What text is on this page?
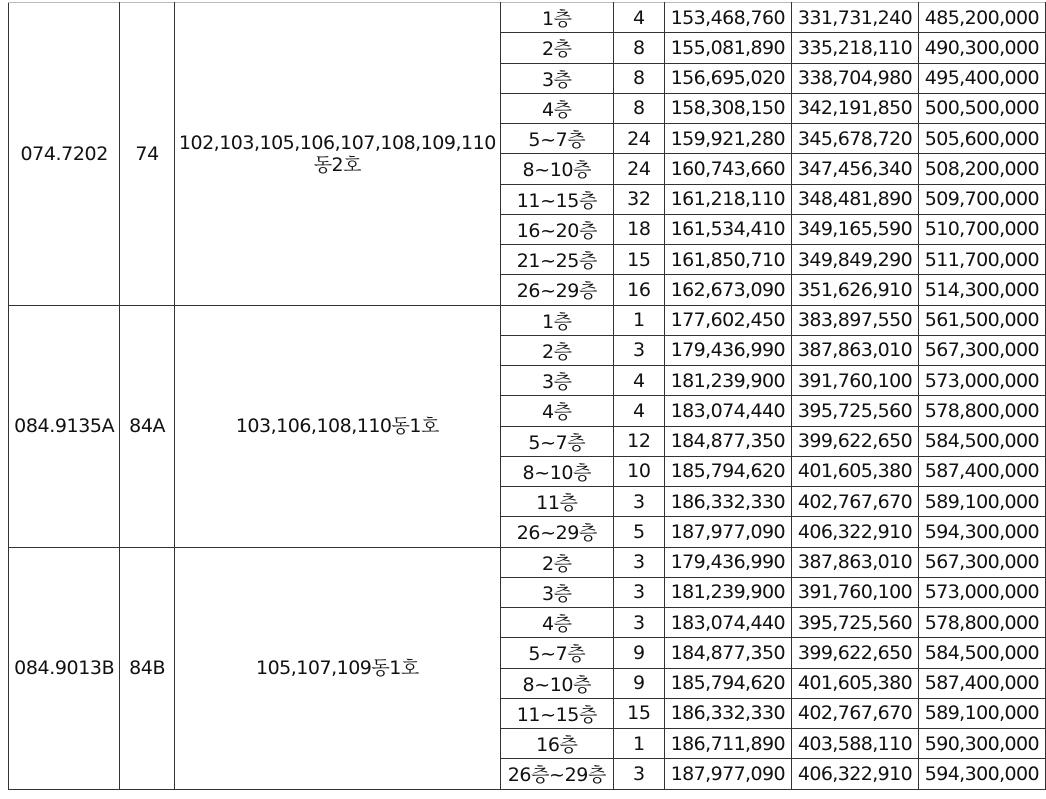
074.7202	74	102,103,105,106,107,108,109,110동2호	1층	4	153,468,760	331,731,240	485,200,000
			2층	8	155,081,890	335,218,110	490,300,000
			3층	8	156,695,020	338,704,980	495,400,000
			4층	8	158,308,150	342,191,850	500,500,000
			5~7층	24	159,921,280	345,678,720	505,600,000
			8~10층	24	160,743,660	347,456,340	508,200,000
			11~15층	32	161,218,110	348,481,890	509,700,000
			16~20층	18	161,534,410	349,165,590	510,700,000
			21~25층	15	161,850,710	349,849,290	511,700,000
			26~29층	16	162,673,090	351,626,910	514,300,000
084.9135A	84A	103,106,108,110동1호	1층	1	177,602,450	383,897,550	561,500,000
			2층	3	179,436,990	387,863,010	567,300,000
			3층	4	181,239,900	391,760,100	573,000,000
			4층	4	183,074,440	395,725,560	578,800,000
			5~7층	12	184,877,350	399,622,650	584,500,000
			8~10층	10	185,794,620	401,605,380	587,400,000
			11층	3	186,332,330	402,767,670	589,100,000
			26~29층	5	187,977,090	406,322,910	594,300,000
084.9013B	84B	105,107,109동1호	2층	3	179,436,990	387,863,010	567,300,000
			3층	3	181,239,900	391,760,100	573,000,000
			4층	3	183,074,440	395,725,560	578,800,000
			5~7층	9	184,877,350	399,622,650	584,500,000
			8~10층	9	185,794,620	401,605,380	587,400,000
			11~15층	15	186,332,330	402,767,670	589,100,000
			16층	1	186,711,890	403,588,110	590,300,000
			26층~29층	3	187,977,090	406,322,910	594,300,000
